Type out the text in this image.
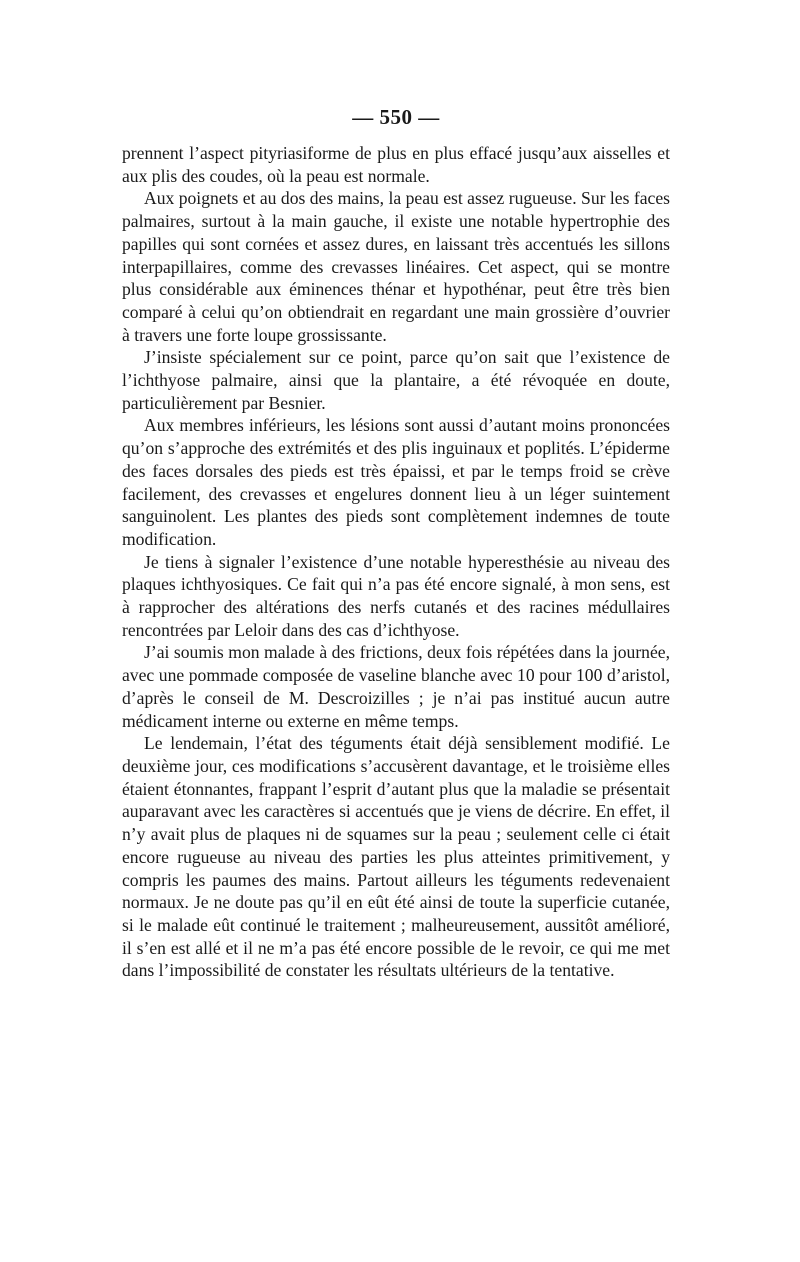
— 550 —

prennent l’aspect pityriasiforme de plus en plus effacé jusqu’aux aisselles et aux plis des coudes, où la peau est normale.

Aux poignets et au dos des mains, la peau est assez rugueuse. Sur les faces palmaires, surtout à la main gauche, il existe une notable hypertrophie des papilles qui sont cornées et assez dures, en laissant très accentués les sillons interpapillaires, comme des crevasses linéaires. Cet aspect, qui se montre plus considérable aux éminences thénar et hypothénar, peut être très bien comparé à celui qu’on obtiendrait en regardant une main grossière d’ouvrier à travers une forte loupe grossissante.

J’insiste spécialement sur ce point, parce qu’on sait que l’existence de l’ichthyose palmaire, ainsi que la plantaire, a été révoquée en doute, particulièrement par Besnier.

Aux membres inférieurs, les lésions sont aussi d’autant moins prononcées qu’on s’approche des extrémités et des plis inguinaux et poplités. L’épiderme des faces dorsales des pieds est très épaissi, et par le temps froid se crève facilement, des crevasses et engelures donnent lieu à un léger suintement sanguinolent. Les plantes des pieds sont complètement indemnes de toute modification.

Je tiens à signaler l’existence d’une notable hyperesthésie au niveau des plaques ichthyosiques. Ce fait qui n’a pas été encore signalé, à mon sens, est à rapprocher des altérations des nerfs cutanés et des racines médullaires rencontrées par Leloir dans des cas d’ichthyose.

J’ai soumis mon malade à des frictions, deux fois répétées dans la journée, avec une pommade composée de vaseline blanche avec 10 pour 100 d’aristol, d’après le conseil de M. Descroizilles ; je n’ai pas institué aucun autre médicament interne ou externe en même temps.

Le lendemain, l’état des téguments était déjà sensiblement modifié. Le deuxième jour, ces modifications s’accusèrent davantage, et le troisième elles étaient étonnantes, frappant l’esprit d’autant plus que la maladie se présentait auparavant avec les caractères si accentués que je viens de décrire. En effet, il n’y avait plus de plaques ni de squames sur la peau ; seulement celle ci était encore rugueuse au niveau des parties les plus atteintes primitivement, y compris les paumes des mains. Partout ailleurs les téguments redevenaient normaux. Je ne doute pas qu’il en eût été ainsi de toute la superficie cutanée, si le malade eût continué le traitement ; malheureusement, aussitôt amélioré, il s’en est allé et il ne m’a pas été encore possible de le revoir, ce qui me met dans l’impossibilité de constater les résultats ultérieurs de la tentative.
